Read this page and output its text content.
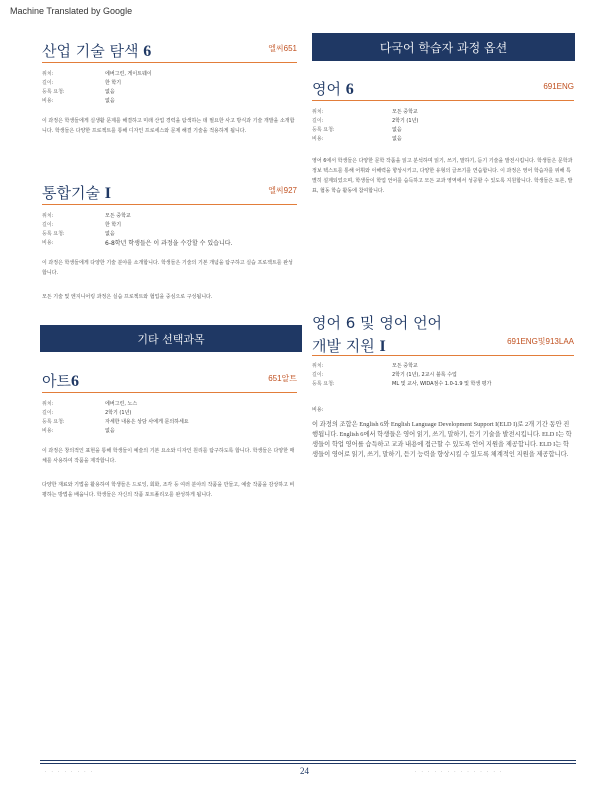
Machine Translated by Google
산업 기술 탐색 6	엘씨651
위치:	에버그린, 게이트웨이
길이:	한 학기
등록 요청:	없음
비용:	없음
이 과정은 학생들에게 실생활 문제를 해결하고 미래 산업 경력을 탐색하는 데 필요한 사고 방식과 기술 개발을 소개합니다. 학생들은 다양한 프로젝트를 통해 디자인 프로세스와 문제 해결 기술을 적용하게 됩니다.
통합기술 I	엘씨927
위치:	모든 중학교
길이:	한 학기
등록 요청:	없음
비용:	6-8학년 학생들은 이 과정을 수강할 수 있습니다.
이 과정은 학생들에게 다양한 기술 분야를 소개합니다. 학생들은 기술의 기본 개념을 탐구하고 실습 프로젝트를 완성합니다.
모든 기술 및 엔지니어링 과정은 실습 프로젝트와 협업을 중심으로 구성됩니다.
기타 선택과목
아트6	651알트
위치:	에버그린, 노스
길이:	2학기 (1년)
등록 요청:	자세한 내용은 상담 사에게 문의하세요
비용:	없음
이 과정은 창의적인 표현을 통해 학생들이 예술의 기본 요소와 디자인 원리를 탐구하도록 합니다. 학생들은 다양한 매체를 사용하여 작품을 제작합니다.
다양한 재료와 기법을 활용하여 학생들은 드로잉, 회화, 조각 등 여러 분야의 작품을 만들고, 예술 작품을 감상하고 비평하는 방법을 배웁니다. 학생들은 자신의 작품 포트폴리오를 완성하게 됩니다.
다국어 학습자 과정 옵션
영어 6	691ENG
위치:	모든 중학교
길이:	2학기 (1년)
등록 요청:	없음
비용:	없음
영어 6에서 학생들은 다양한 문학 작품을 읽고 분석하며 읽기, 쓰기, 말하기, 듣기 기술을 발전시킵니다. 학생들은 문학과 정보 텍스트를 통해 어휘와 이해력을 향상시키고, 다양한 유형의 글쓰기를 연습합니다. 이 과정은 영어 학습자를 위해 특별히 설계되었으며, 학생들이 학업 언어를 습득하고 모든 교과 영역에서 성공할 수 있도록 지원합니다. 학생들은 토론, 발표, 협동 학습 활동에 참여합니다.
영어 6 및 영어 언어
개발 지원 I	691ENG및913LAA
위치:	모든 중학교
길이:	2학기 (1년), 2교시 블록 수업
등록 요청:	ML 및 교사, WIDA점수 1.0-1.9 및 학생 평가
비용:
이 과정의 조합은 English 6와 English Language Development Support I(ELD I)로 2개 기간 동안 진행됩니다. English 6에서 학생들은 영어 읽기, 쓰기, 말하기, 듣기 기술을 발전시킵니다. ELD I는 학생들이 학업 영어를 습득하고 교과 내용에 접근할 수 있도록 언어 지원을 제공합니다. ELD I는 학생들이 영어로 읽기, 쓰기, 말하기, 듣기 능력을 향상시킬 수 있도록 체계적인 지원을 제공합니다.
· · · · · · · ·	24	· · · · · · · · · · · · · ·
